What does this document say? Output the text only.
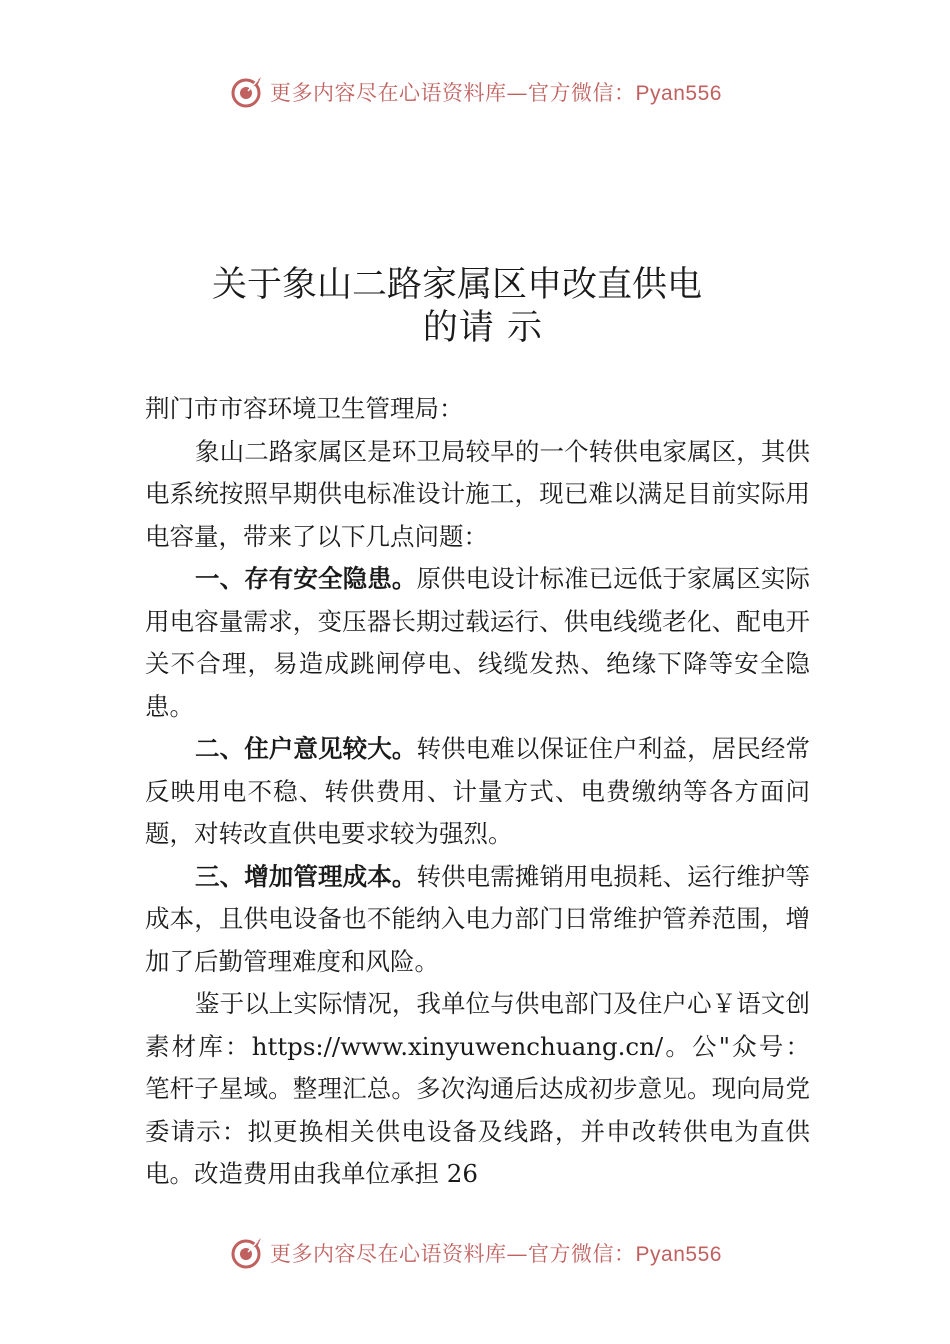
更多内容尽在心语资料库—官方微信：Pyan556
关于象山二路家属区申改直供电
的请 示

荆门市市容环境卫生管理局：

象山二路家属区是环卫局较早的一个转供电家属区，其供电系统按照早期供电标准设计施工，现已难以满足目前实际用电容量，带来了以下几点问题：

一、存有安全隐患。原供电设计标准已远低于家属区实际用电容量需求，变压器长期过载运行、供电线缆老化、配电开关不合理，易造成跳闸停电、线缆发热、绝缘下降等安全隐患。

二、住户意见较大。转供电难以保证住户利益，居民经常反映用电不稳、转供费用、计量方式、电费缴纳等各方面问题，对转改直供电要求较为强烈。

三、增加管理成本。转供电需摊销用电损耗、运行维护等成本，且供电设备也不能纳入电力部门日常维护管养范围，增加了后勤管理难度和风险。

鉴于以上实际情况，我单位与供电部门及住户心￥语文创素材库：https://www.xinyuwenchuang.cn/。公"众号：笔杆子星域。整理汇总。多次沟通后达成初步意见。现向局党委请示：拟更换相关供电设备及线路，并申改转供电为直供电。改造费用由我单位承担 26

更多内容尽在心语资料库—官方微信：Pyan556
